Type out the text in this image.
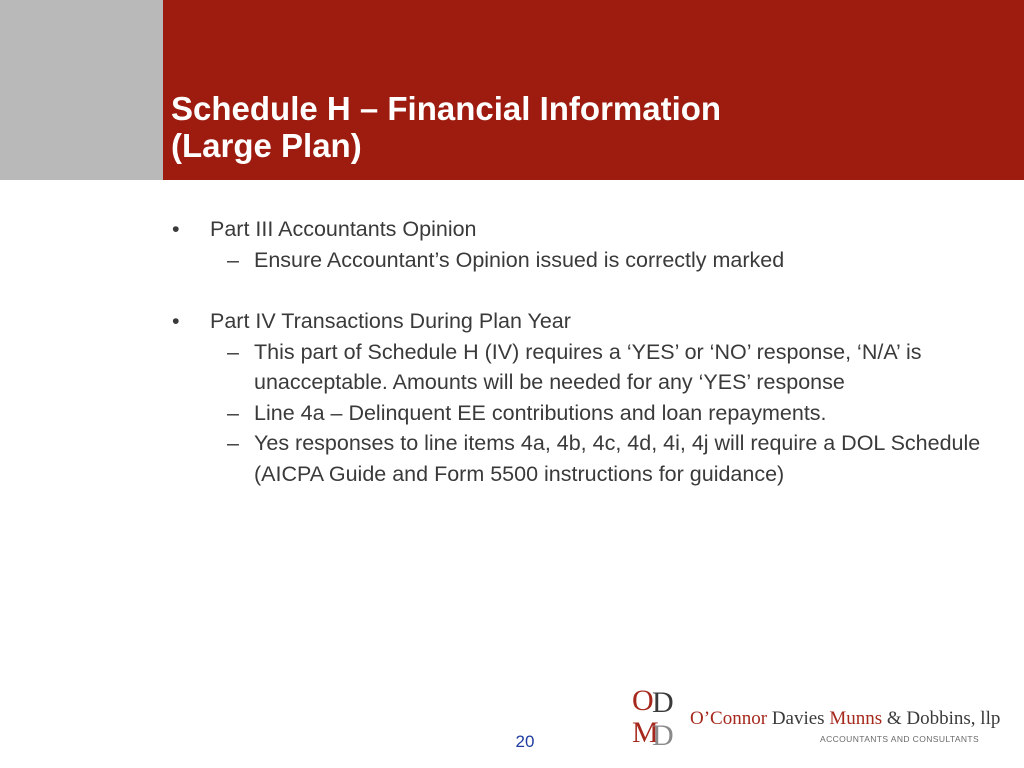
Schedule H – Financial Information
(Large Plan)
• Part III Accountants Opinion
– Ensure Accountant’s Opinion issued is correctly marked
• Part IV Transactions During Plan Year
– This part of Schedule H (IV) requires a ‘YES’ or ‘NO’ response, ‘N/A’ is unacceptable. Amounts will be needed for any ‘YES’ response
– Line 4a – Delinquent EE contributions and loan repayments.
– Yes responses to line items 4a, 4b, 4c, 4d, 4i, 4j will require a DOL Schedule (AICPA Guide and Form 5500 instructions for guidance)
O
D
M
D
O’Connor Davies Munns & Dobbins, llp
ACCOUNTANTS AND CONSULTANTS
20
